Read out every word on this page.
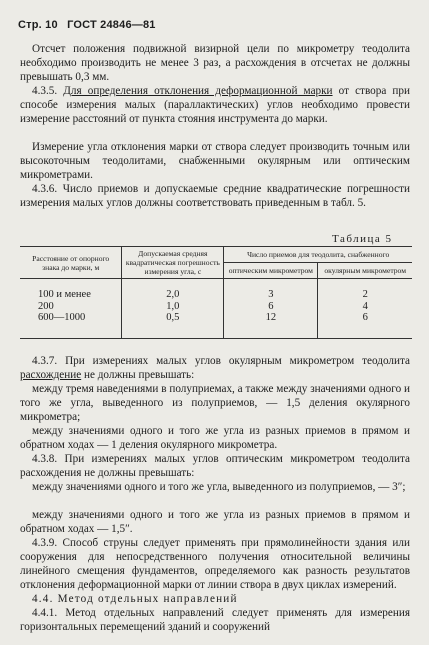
Стр. 10 ГОСТ 24846—81
Отсчет положения подвижной визирной цели по микрометру теодолита необходимо производить не менее 3 раз, а расхождения в отсчетах не должны превышать 0,3 мм.
4.3.5. Для определения отклонения деформационной марки от створа при способе измерения малых (параллактических) углов необходимо провести измерение расстояний от пункта стояния инструмента до марки.
Измерение угла отклонения марки от створа следует производить точным или высокоточным теодолитами, снабженными окулярным или оптическим микрометрами.
4.3.6. Число приемов и допускаемые средние квадратические погрешности измерения малых углов должны соответствовать приведенным в табл. 5.
Таблица 5
Расстояние от опорного знака до марки, м	Допускаемая средняя квадратическая погрешность измерения угла, с	Число приемов для теодолита, снабженного	
		оптическим микрометром	окулярным микрометром
100 и менее	2,0	3	2
200	1,0	6	4
600—1000	0,5	12	6
4.3.7. При измерениях малых углов окулярным микрометром теодолита расхождение не должны превышать:
между тремя наведениями в полуприемах, а также между значениями одного и того же угла, выведенного из полуприемов, — 1,5 деления окулярного микрометра;
между значениями одного и того же угла из разных приемов в прямом и обратном ходах — 1 деления окулярного микрометра.
4.3.8. При измерениях малых углов оптическим микрометром теодолита расхождения не должны превышать:
между значениями одного и того же угла, выведенного из полуприемов, — 3″;
между значениями одного и того же угла из разных приемов в прямом и обратном ходах — 1,5″.
4.3.9. Способ струны следует применять при прямолинейности здания или сооружения для непосредственного получения относительной величины линейного смещения фундаментов, определяемого как разность результатов отклонения деформационной марки от линии створа в двух циклах измерений.
4.4. Метод отдельных направлений
4.4.1. Метод отдельных направлений следует применять для измерения горизонтальных перемещений зданий и сооружений
